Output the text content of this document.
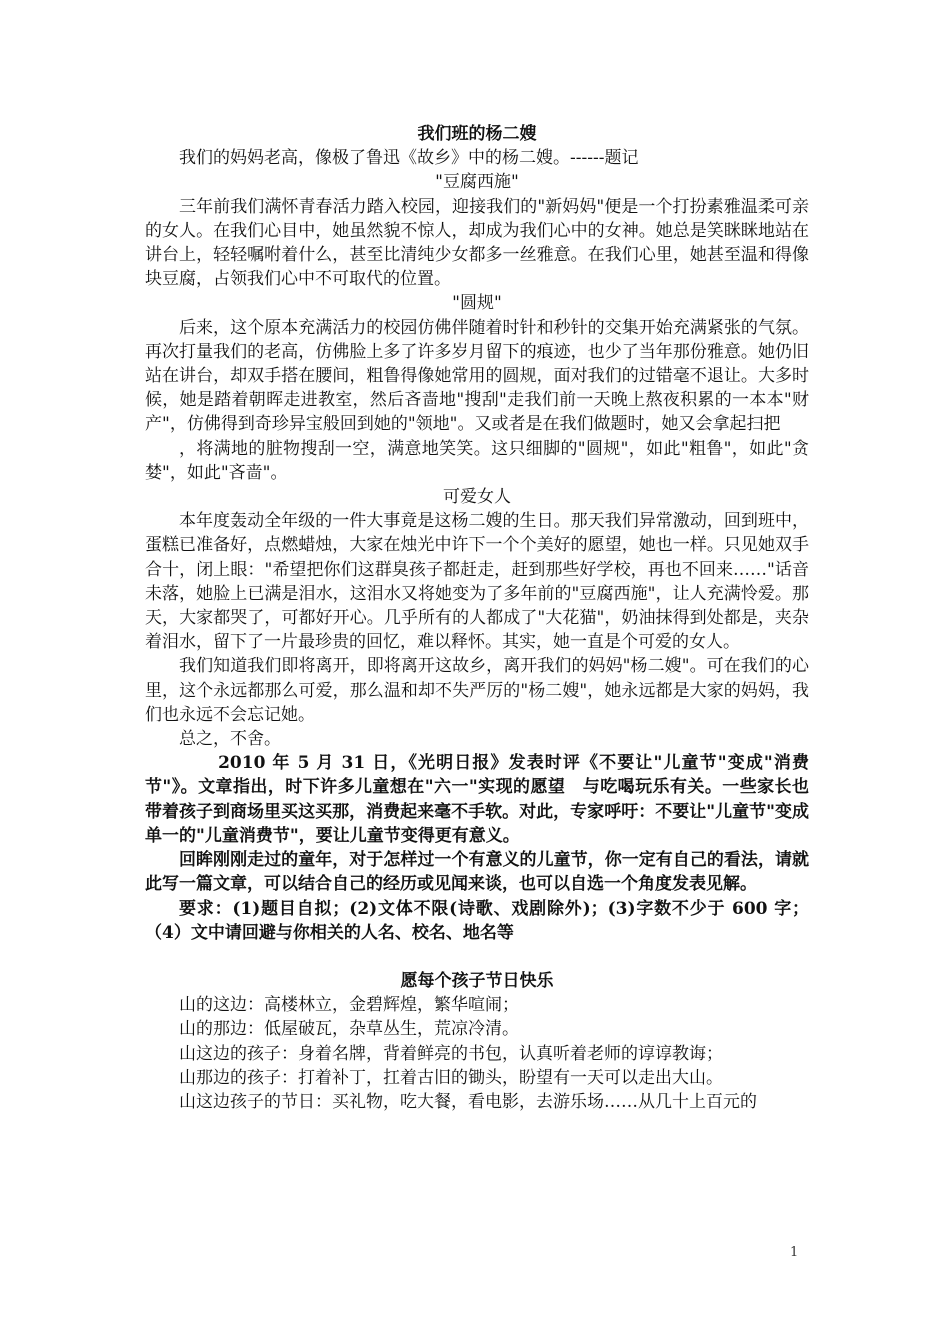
我们班的杨二嫂

我们的妈妈老高，像极了鲁迅《故乡》中的杨二嫂。------题记

"豆腐西施"

三年前我们满怀青春活力踏入校园，迎接我们的"新妈妈"便是一个打扮素雅温柔可亲的女人。在我们心目中，她虽然貌不惊人，却成为我们心中的女神。她总是笑眯眯地站在讲台上，轻轻嘱咐着什么，甚至比清纯少女都多一丝雅意。在我们心里，她甚至温和得像块豆腐，占领我们心中不可取代的位置。

"圆规"

后来，这个原本充满活力的校园仿佛伴随着时针和秒针的交集开始充满紧张的气氛。再次打量我们的老高，仿佛脸上多了许多岁月留下的痕迹，也少了当年那份雅意。她仍旧站在讲台，却双手搭在腰间，粗鲁得像她常用的圆规，面对我们的过错毫不退让。大多时候，她是踏着朝晖走进教室，然后吝啬地"搜刮"走我们前一天晚上熬夜积累的一本本"财产"，仿佛得到奇珍异宝般回到她的"领地"。又或者是在我们做题时，她又会拿起扫把

，将满地的脏物搜刮一空，满意地笑笑。这只细脚的"圆规"，如此"粗鲁"，如此"贪婪"，如此"吝啬"。

可爱女人

本年度轰动全年级的一件大事竟是这杨二嫂的生日。那天我们异常激动，回到班中，蛋糕已准备好，点燃蜡烛，大家在烛光中许下一个个美好的愿望，她也一样。只见她双手合十，闭上眼："希望把你们这群臭孩子都赶走，赶到那些好学校，再也不回来……"话音未落，她脸上已满是泪水，这泪水又将她变为了多年前的"豆腐西施"，让人充满怜爱。那天，大家都哭了，可都好开心。几乎所有的人都成了"大花猫"，奶油抹得到处都是，夹杂着泪水，留下了一片最珍贵的回忆，难以释怀。其实，她一直是个可爱的女人。

我们知道我们即将离开，即将离开这故乡，离开我们的妈妈"杨二嫂"。可在我们的心里，这个永远都那么可爱，那么温和却不失严厉的"杨二嫂"，她永远都是大家的妈妈，我们也永远不会忘记她。

总之，不舍。

2010 年 5 月 31 日，《光明日报》发表时评《不要让"儿童节"变成"消费节"》。文章指出，时下许多儿童想在"六一"实现的愿望　与吃喝玩乐有关。一些家长也带着孩子到商场里买这买那，消费起来毫不手软。对此，专家呼吁：不要让"儿童节"变成单一的"儿童消费节"，要让儿童节变得更有意义。

回眸刚刚走过的童年，对于怎样过一个有意义的儿童节，你一定有自己的看法，请就此写一篇文章，可以结合自己的经历或见闻来谈，也可以自选一个角度发表见解。

要求：(1)题目自拟；(2)文体不限(诗歌、戏剧除外)；(3)字数不少于 600 字；（4）文中请回避与你相关的人名、校名、地名等

愿每个孩子节日快乐

山的这边：高楼林立，金碧辉煌，繁华喧闹；

山的那边：低屋破瓦，杂草丛生，荒凉冷清。

山这边的孩子：身着名牌，背着鲜亮的书包，认真听着老师的谆谆教诲；

山那边的孩子：打着补丁，扛着古旧的锄头，盼望有一天可以走出大山。

山这边孩子的节日：买礼物，吃大餐，看电影，去游乐场……从几十上百元的

1
